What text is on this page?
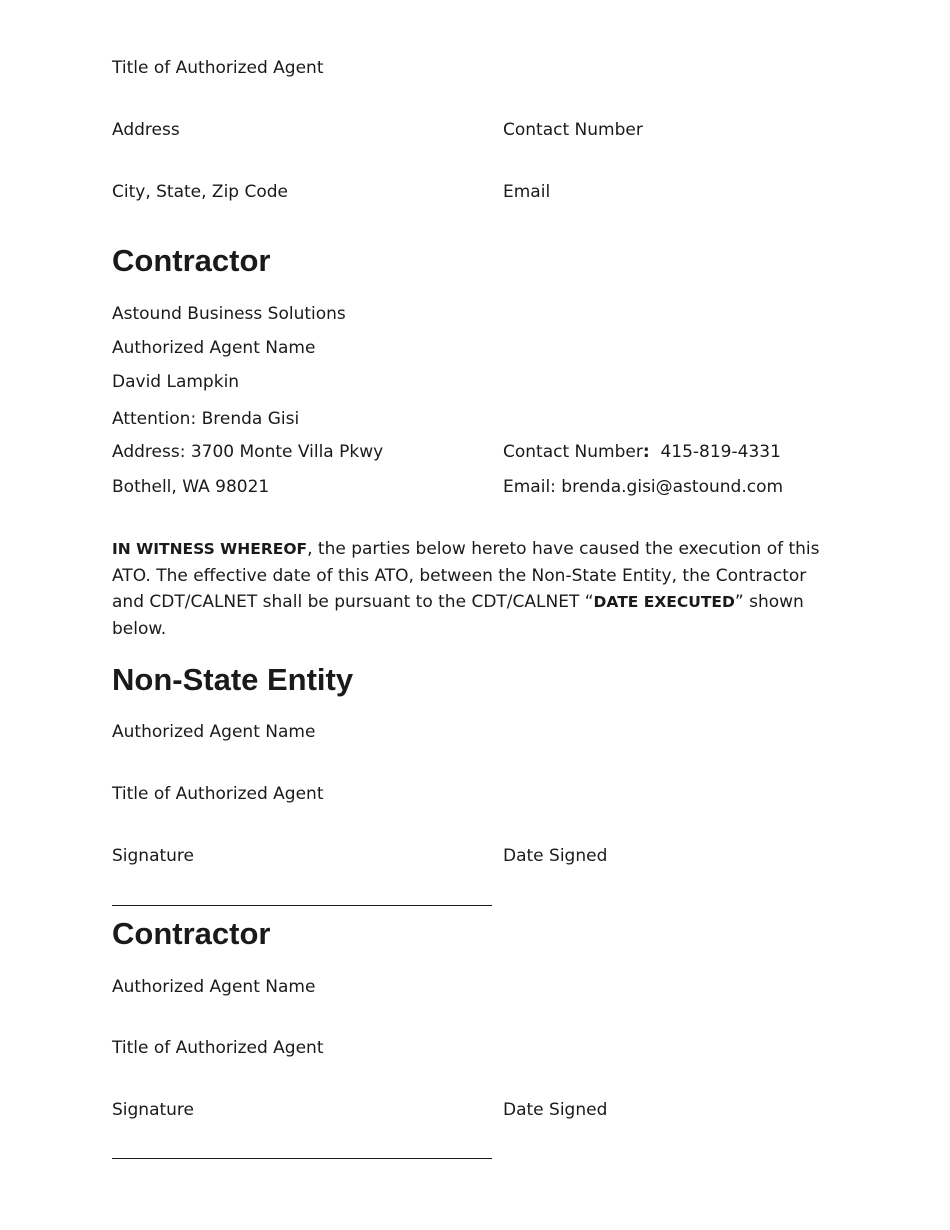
Title of Authorized Agent
Address	Contact Number
City, State, Zip Code	Email
Contractor
Astound Business Solutions
Authorized Agent Name
David Lampkin
Attention: Brenda Gisi
Address: 3700 Monte Villa Pkwy	Contact Number:  415-819-4331
Bothell, WA 98021	Email: brenda.gisi@astound.com
IN WITNESS WHEREOF, the parties below hereto have caused the execution of this ATO. The effective date of this ATO, between the Non-State Entity, the Contractor and CDT/CALNET shall be pursuant to the CDT/CALNET “DATE EXECUTED” shown below.
Non-State Entity
Authorized Agent Name
Title of Authorized Agent
Signature	Date Signed
Contractor
Authorized Agent Name
Title of Authorized Agent
Signature	Date Signed
